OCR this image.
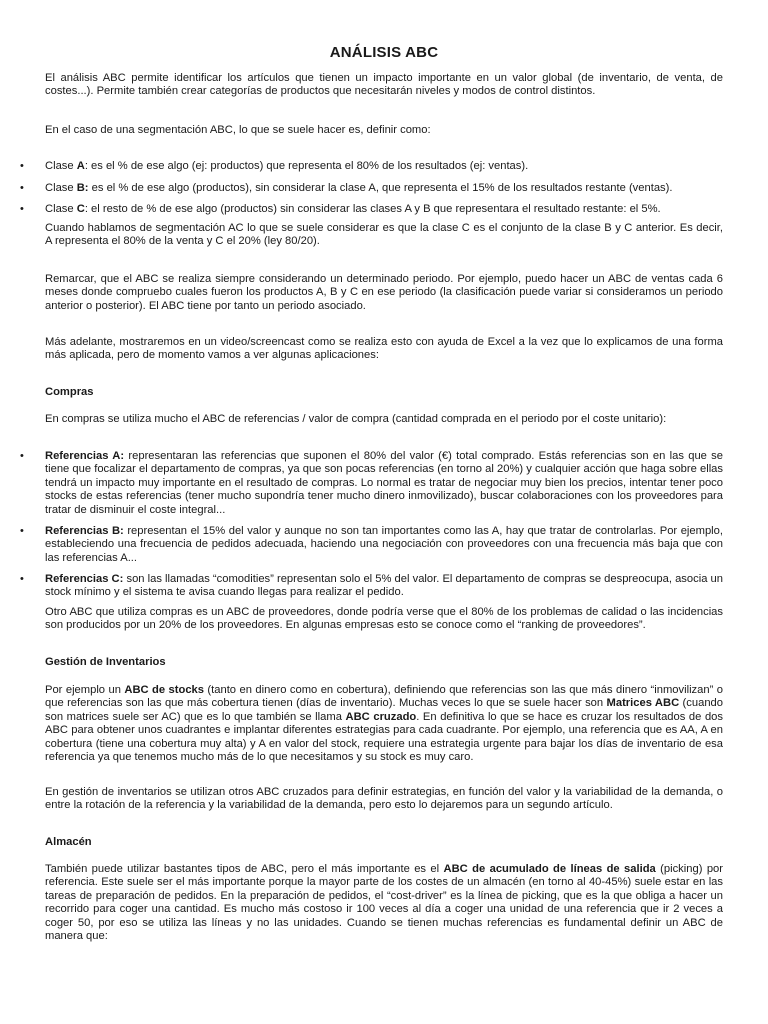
ANÁLISIS ABC
El análisis ABC permite identificar los artículos que tienen un impacto importante en un valor global (de inventario, de venta, de costes...). Permite también crear categorías de productos que necesitarán niveles y modos de control distintos.
En el caso de una segmentación ABC, lo que se suele hacer es, definir como:
• Clase A: es el % de ese algo (ej: productos) que representa el 80% de los resultados (ej: ventas).
• Clase B: es el % de ese algo (productos), sin considerar la clase A, que representa el 15% de los resultados restante (ventas).
• Clase C: el resto de % de ese algo (productos) sin considerar las clases A y B que representara el resultado restante: el 5%.
Cuando hablamos de segmentación AC lo que se suele considerar es que la clase C es el conjunto de la clase B y C anterior. Es decir, A representa el 80% de la venta y C el 20% (ley 80/20).
Remarcar, que el ABC se realiza siempre considerando un determinado periodo. Por ejemplo, puedo hacer un ABC de ventas cada 6 meses donde compruebo cuales fueron los productos A, B y C en ese periodo (la clasificación puede variar si consideramos un periodo anterior o posterior). El ABC tiene por tanto un periodo asociado.
Más adelante, mostraremos en un video/screencast como se realiza esto con ayuda de Excel a la vez que lo explicamos de una forma más aplicada, pero de momento vamos a ver algunas aplicaciones:
Compras
En compras se utiliza mucho el ABC de referencias / valor de compra (cantidad comprada en el periodo por el coste unitario):
• Referencias A: representaran las referencias que suponen el 80% del valor (€) total comprado. Estás referencias son en las que se tiene que focalizar el departamento de compras, ya que son pocas referencias (en torno al 20%) y cualquier acción que haga sobre ellas tendrá un impacto muy importante en el resultado de compras. Lo normal es tratar de negociar muy bien los precios, intentar tener poco stocks de estas referencias (tener mucho supondría tener mucho dinero inmovilizado), buscar colaboraciones con los proveedores para tratar de disminuir el coste integral...
• Referencias B: representan el 15% del valor y aunque no son tan importantes como las A, hay que tratar de controlarlas. Por ejemplo, estableciendo una frecuencia de pedidos adecuada, haciendo una negociación con proveedores con una frecuencia más baja que con las referencias A...
• Referencias C: son las llamadas “comodities” representan solo el 5% del valor. El departamento de compras se despreocupa, asocia un stock mínimo y el sistema te avisa cuando llegas para realizar el pedido.
Otro ABC que utiliza compras es un ABC de proveedores, donde podría verse que el 80% de los problemas de calidad o las incidencias son producidos por un 20% de los proveedores. En algunas empresas esto se conoce como el “ranking de proveedores”.
Gestión de Inventarios
Por ejemplo un ABC de stocks (tanto en dinero como en cobertura), definiendo que referencias son las que más dinero “inmovilizan” o que referencias son las que más cobertura tienen (días de inventario). Muchas veces lo que se suele hacer son Matrices ABC (cuando son matrices suele ser AC) que es lo que también se llama ABC cruzado. En definitiva lo que se hace es cruzar los resultados de dos ABC para obtener unos cuadrantes e implantar diferentes estrategias para cada cuadrante. Por ejemplo, una referencia que es AA, A en cobertura (tiene una cobertura muy alta) y A en valor del stock, requiere una estrategia urgente para bajar los días de inventario de esa referencia ya que tenemos mucho más de lo que necesitamos y su stock es muy caro.
En gestión de inventarios se utilizan otros ABC cruzados para definir estrategias, en función del valor y la variabilidad de la demanda, o entre la rotación de la referencia y la variabilidad de la demanda, pero esto lo dejaremos para un segundo artículo.
Almacén
También puede utilizar bastantes tipos de ABC, pero el más importante es el ABC de acumulado de líneas de salida (picking) por referencia. Este suele ser el más importante porque la mayor parte de los costes de un almacén (en torno al 40-45%) suele estar en las tareas de preparación de pedidos. En la preparación de pedidos, el “cost-driver” es la línea de picking, que es la que obliga a hacer un recorrido para coger una cantidad. Es mucho más costoso ir 100 veces al día a coger una unidad de una referencia que ir 2 veces a coger 50, por eso se utiliza las líneas y no las unidades. Cuando se tienen muchas referencias es fundamental definir un ABC de manera que:
